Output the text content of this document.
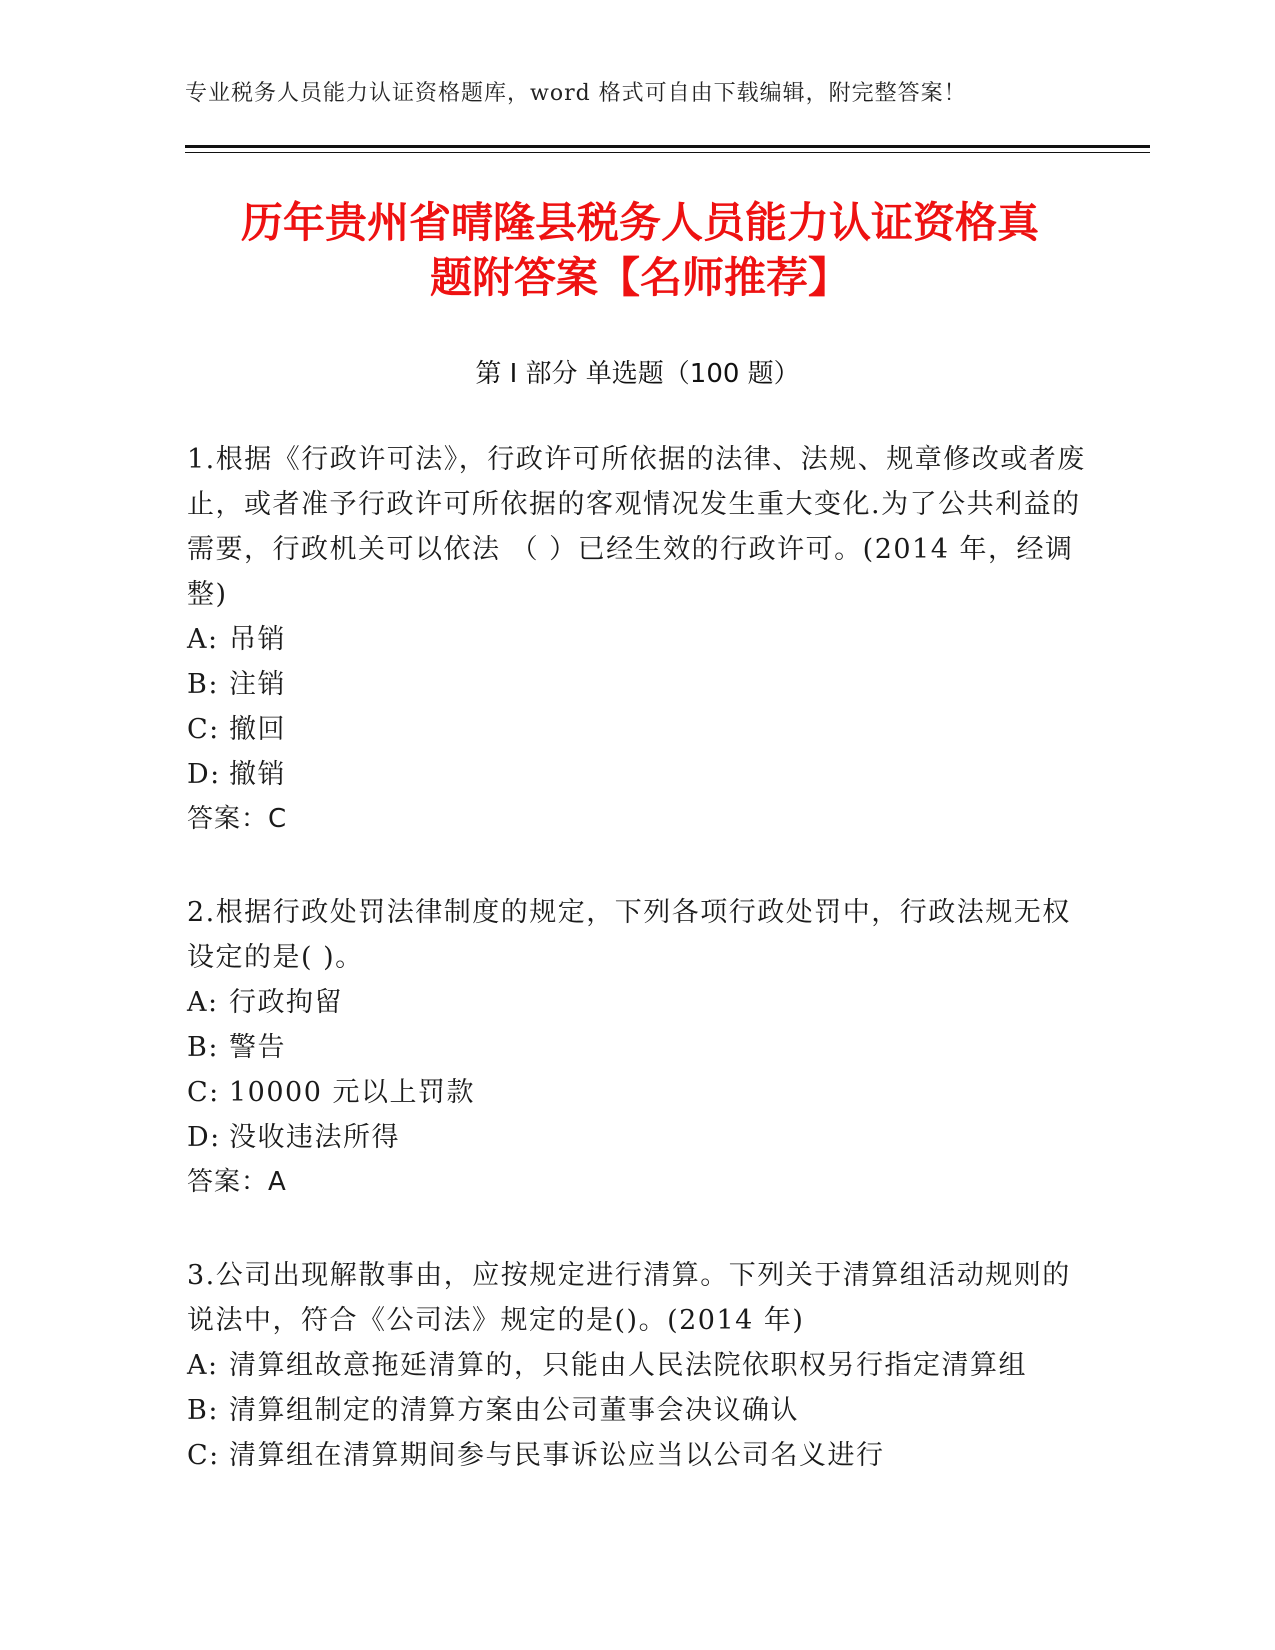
专业税务人员能力认证资格题库，word 格式可自由下载编辑，附完整答案！
历年贵州省晴隆县税务人员能力认证资格真
题附答案【名师推荐】
第 I 部分 单选题（100 题）

1.根据《行政许可法》，行政许可所依据的法律、法规、规章修改或者废止，或者准予行政许可所依据的客观情况发生重大变化.为了公共利益的需要，行政机关可以依法 （ ）已经生效的行政许可。(2014 年，经调整)

A: 吊销

B: 注销

C: 撤回

D: 撤销

答案：C

2.根据行政处罚法律制度的规定，下列各项行政处罚中，行政法规无权设定的是( )。

A: 行政拘留

B: 警告

C: 10000 元以上罚款

D: 没收违法所得

答案：A

3.公司出现解散事由，应按规定进行清算。下列关于清算组活动规则的说法中，符合《公司法》规定的是()。(2014 年)

A: 清算组故意拖延清算的，只能由人民法院依职权另行指定清算组

B: 清算组制定的清算方案由公司董事会决议确认

C: 清算组在清算期间参与民事诉讼应当以公司名义进行
